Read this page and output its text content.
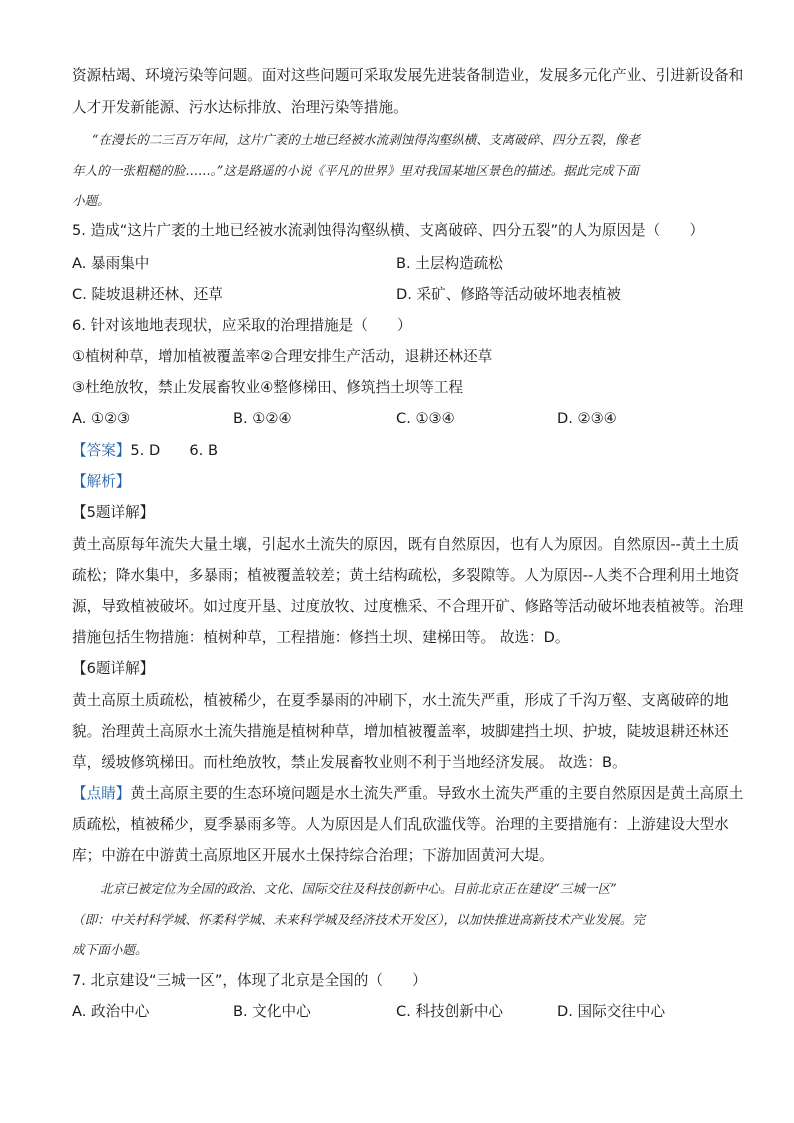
资源枯竭、环境污染等问题。面对这些问题可采取发展先进装备制造业，发展多元化产业、引进新设备和
人才开发新能源、污水达标排放、治理污染等措施。
“在漫长的二三百万年间，这片广袤的土地已经被水流剥蚀得沟壑纵横、支离破碎、四分五裂，像老
年人的一张粗糙的脸……。”这是路遥的小说《平凡的世界》里对我国某地区景色的描述。据此完成下面
小题。
5. 造成“这片广袤的土地已经被水流剥蚀得沟壑纵横、支离破碎、四分五裂”的人为原因是（　　）
A. 暴雨集中	B. 土层构造疏松
C. 陡坡退耕还林、还草	D. 采矿、修路等活动破坏地表植被
6. 针对该地地表现状，应采取的治理措施是（　　）
①植树种草，增加植被覆盖率②合理安排生产活动，退耕还林还草
③杜绝放牧，禁止发展畜牧业④整修梯田、修筑挡土坝等工程
A. ①②③	B. ①②④	C. ①③④	D. ②③④
【答案】5. D　　6. B
【解析】
【5题详解】
黄土高原每年流失大量土壤，引起水土流失的原因，既有自然原因，也有人为原因。自然原因--黄土土质
疏松；降水集中，多暴雨；植被覆盖较差；黄土结构疏松，多裂隙等。人为原因--人类不合理利用土地资
源，导致植被破坏。如过度开垦、过度放牧、过度樵采、不合理开矿、修路等活动破坏地表植被等。治理
措施包括生物措施：植树种草，工程措施：修挡土坝、建梯田等。 故选：D。
【6题详解】
黄土高原土质疏松，植被稀少，在夏季暴雨的冲刷下，水土流失严重，形成了千沟万壑、支离破碎的地
貌。治理黄土高原水土流失措施是植树种草，增加植被覆盖率，坡脚建挡土坝、护坡，陡坡退耕还林还
草，缓坡修筑梯田。而杜绝放牧，禁止发展畜牧业则不利于当地经济发展。 故选：B。
【点睛】黄土高原主要的生态环境问题是水土流失严重。导致水土流失严重的主要自然原因是黄土高原土
质疏松，植被稀少，夏季暴雨多等。人为原因是人们乱砍滥伐等。治理的主要措施有：上游建设大型水
库；中游在中游黄土高原地区开展水土保持综合治理；下游加固黄河大堤。
北京已被定位为全国的政治、文化、国际交往及科技创新中心。目前北京正在建设“三城一区”
（即：中关村科学城、怀柔科学城、未来科学城及经济技术开发区），以加快推进高新技术产业发展。完
成下面小题。
7. 北京建设“三城一区”，体现了北京是全国的（　　）
A. 政治中心	B. 文化中心	C. 科技创新中心	D. 国际交往中心
